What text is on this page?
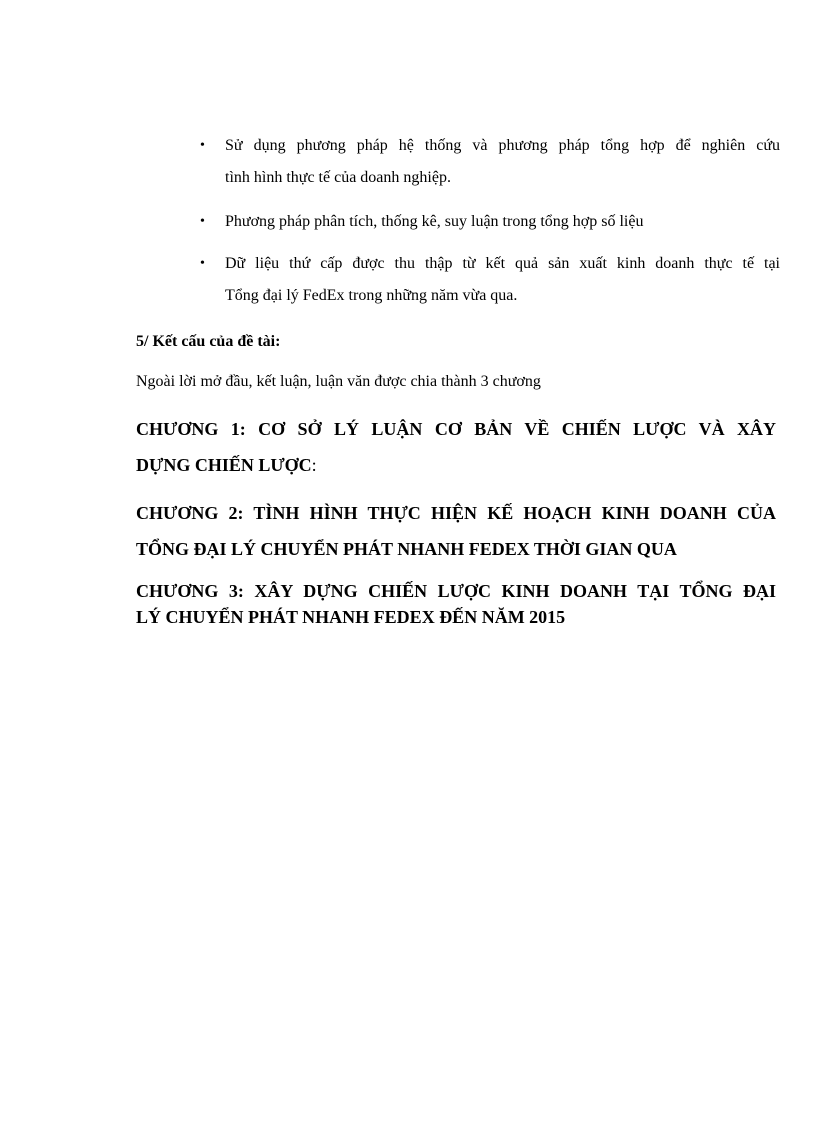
• Sử dụng phương pháp hệ thống và phương pháp tổng hợp để nghiên cứu
tình hình thực tế của doanh nghiệp.
• Phương pháp phân tích, thống kê, suy luận trong tổng hợp số liệu
• Dữ liệu thứ cấp được thu thập từ kết quả sản xuất kinh doanh thực tế tại
Tổng đại lý FedEx trong những năm vừa qua.
5/ Kết cấu của đề tài:
Ngoài lời mở đầu, kết luận, luận văn được chia thành 3 chương
CHƯƠNG 1: CƠ SỞ LÝ LUẬN CƠ BẢN VỀ CHIẾN LƯỢC VÀ XÂY
DỰNG CHIẾN LƯỢC:
CHƯƠNG 2: TÌNH HÌNH THỰC HIỆN KẾ HOẠCH KINH DOANH CỦA
TỔNG ĐẠI LÝ CHUYỂN PHÁT NHANH FEDEX THỜI GIAN QUA
CHƯƠNG 3: XÂY DỰNG CHIẾN LƯỢC KINH DOANH TẠI TỔNG ĐẠI
LÝ CHUYỂN PHÁT NHANH FEDEX ĐẾN NĂM 2015
